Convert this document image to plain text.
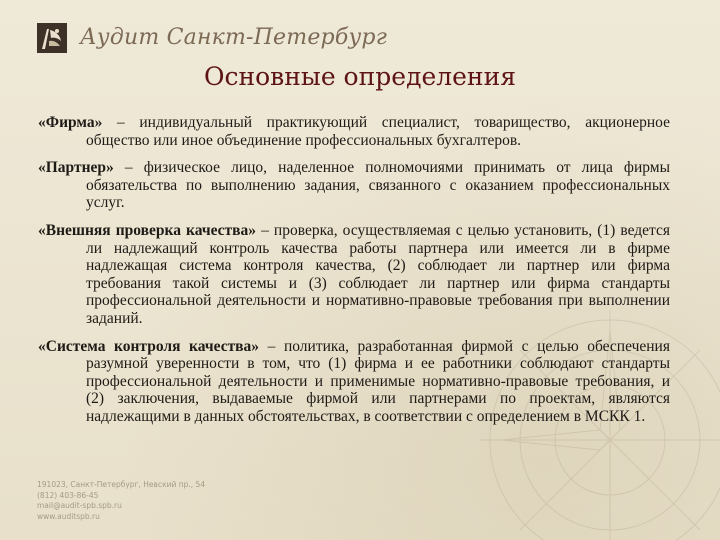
Аудит Санкт-Петербург
Основные определения

«Фирма» – индивидуальный практикующий специалист, товарищество, акционерное общество или иное объединение профессиональных бухгалтеров.

«Партнер» – физическое лицо, наделенное полномочиями принимать от лица фирмы обязательства по выполнению задания, связанного с оказанием профессиональных услуг.

«Внешняя проверка качества» – проверка, осуществляемая с целью установить, (1) ведется ли надлежащий контроль качества работы партнера или имеется ли в фирме надлежащая система контроля качества, (2) соблюдает ли партнер или фирма требования такой системы и (3) соблюдает ли партнер или фирма стандарты профессиональной деятельности и нормативно-правовые требования при выполнении заданий.

«Система контроля качества» – политика, разработанная фирмой с целью обеспечения разумной уверенности в том, что (1) фирма и ее работники соблюдают стандарты профессиональной деятельности и применимые нормативно-правовые требования, и (2) заключения, выдаваемые фирмой или партнерами по проектам, являются надлежащими в данных обстоятельствах, в соответствии с определением в МСКК 1.

191023, Санкт-Петербург, Невский пр., 54
(812) 403-86-45
mail@audit-spb.spb.ru
www.auditspb.ru
